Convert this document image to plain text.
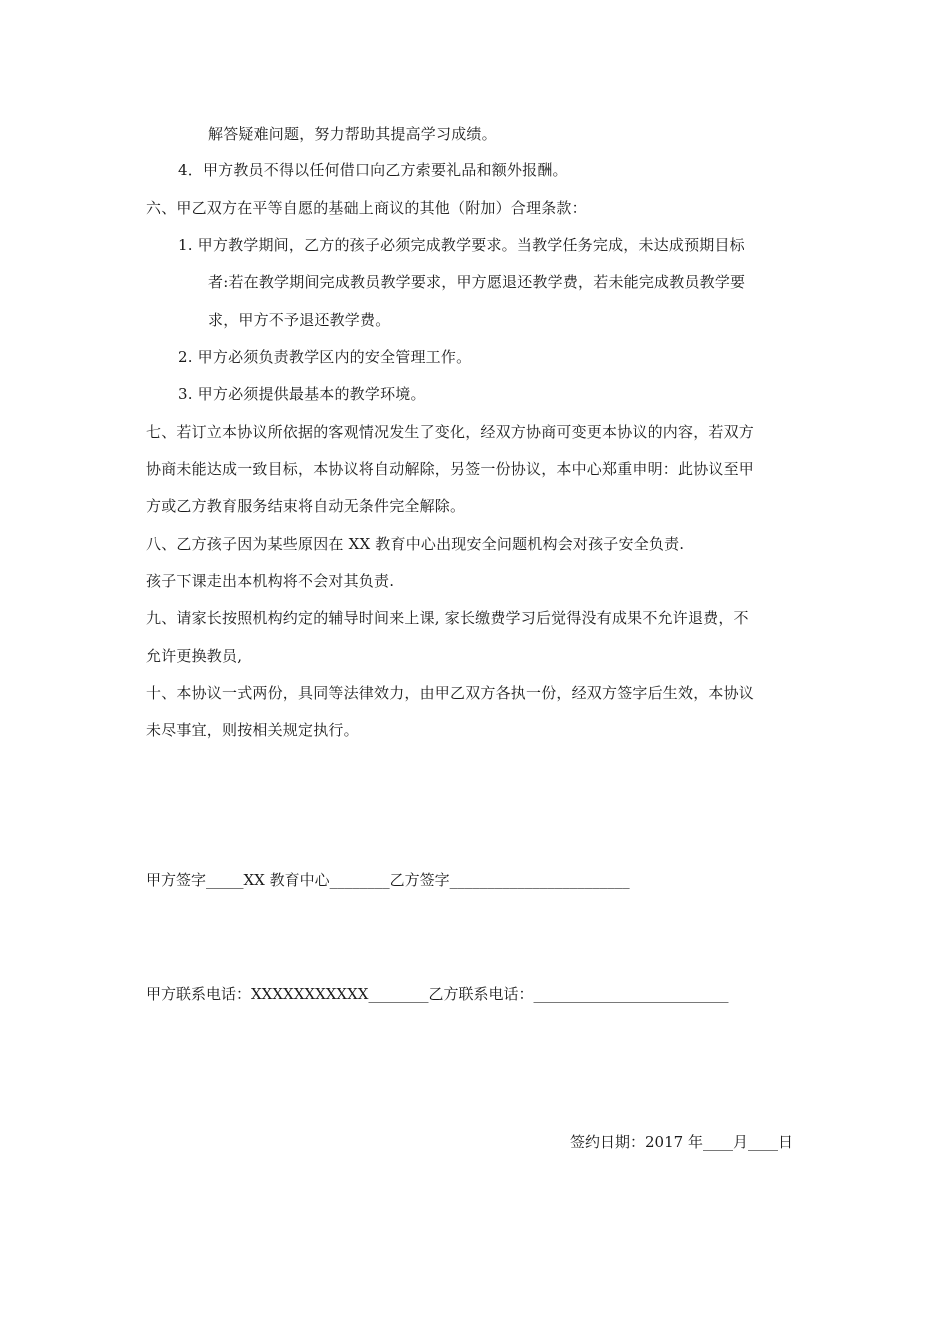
解答疑难问题，努力帮助其提高学习成绩。
4．甲方教员不得以任何借口向乙方索要礼品和额外报酬。
六、甲乙双方在平等自愿的基础上商议的其他（附加）合理条款：
1. 甲方教学期间，乙方的孩子必须完成教学要求。当教学任务完成，未达成预期目标
者:若在教学期间完成教员教学要求，甲方愿退还教学费，若未能完成教员教学要
求，甲方不予退还教学费。
2. 甲方必须负责教学区内的安全管理工作。
3. 甲方必须提供最基本的教学环境。
七、若订立本协议所依据的客观情况发生了变化，经双方协商可变更本协议的内容，若双方
协商未能达成一致目标，本协议将自动解除，另签一份协议，本中心郑重申明：此协议至甲
方或乙方教育服务结束将自动无条件完全解除。
八、乙方孩子因为某些原因在 XX 教育中心出现安全问题机构会对孩子安全负责.
孩子下课走出本机构将不会对其负责.
九、请家长按照机构约定的辅导时间来上课, 家长缴费学习后觉得没有成果不允许退费，不
允许更换教员,
十、本协议一式两份，具同等法律效力，由甲乙双方各执一份，经双方签字后生效，本协议
未尽事宜，则按相关规定执行。
甲方签字_____XX 教育中心________乙方签字________________________
甲方联系电话：XXXXXXXXXXX________乙方联系电话：__________________________
签约日期：2017 年____月____日
